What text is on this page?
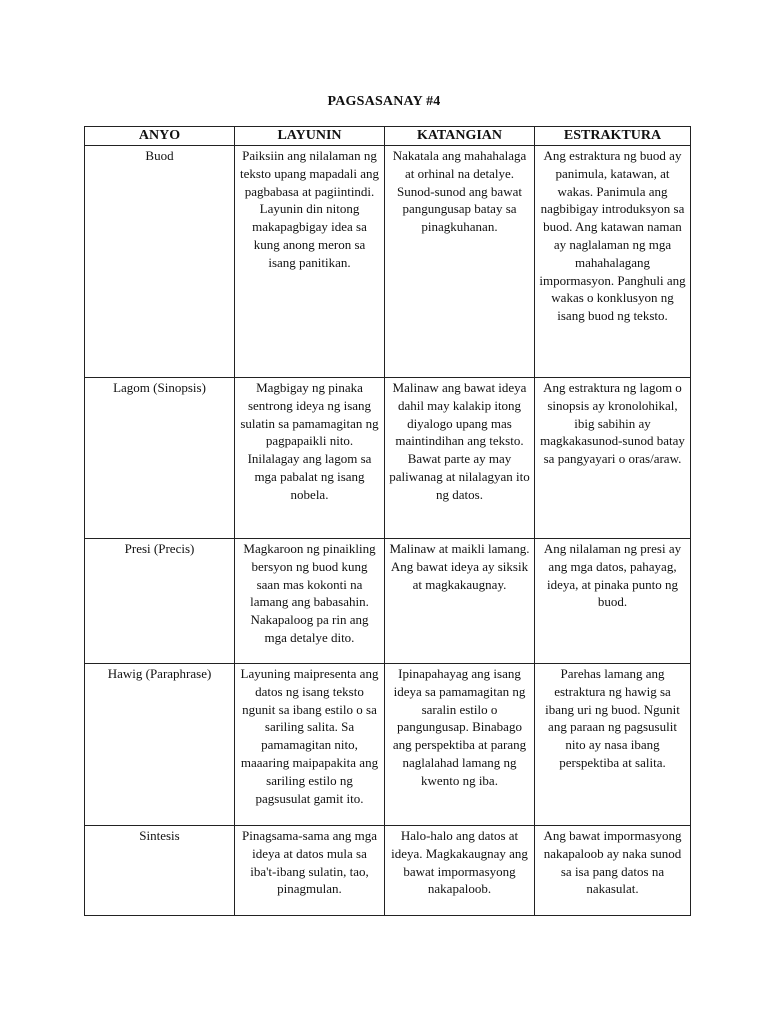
PAGSASANAY #4
ANYO	LAYUNIN	KATANGIAN	ESTRAKTURA

Buod	Paiksiin ang nilalaman ng teksto upang mapadali ang pagbabasa at pagiintindi. Layunin din nitong makapagbigay idea sa kung anong meron sa isang panitikan.	Nakatala ang mahahalaga at orhinal na detalye. Sunod-sunod ang bawat pangungusap batay sa pinagkuhanan.	Ang estraktura ng buod ay panimula, katawan, at wakas. Panimula ang nagbibigay introduksyon sa buod. Ang katawan naman ay naglalaman ng mga mahahalagang impormasyon. Panghuli ang wakas o konklusyon ng isang buod ng teksto.

Lagom (Sinopsis)	Magbigay ng pinaka sentrong ideya ng isang sulatin sa pamamagitan ng pagpapaikli nito. Inilalagay ang lagom sa mga pabalat ng isang nobela.	Malinaw ang bawat ideya dahil may kalakip itong diyalogo upang mas maintindihan ang teksto. Bawat parte ay may paliwanag at nilalagyan ito ng datos.	Ang estraktura ng lagom o sinopsis ay kronolohikal, ibig sabihin ay magkakasunod-sunod batay sa pangyayari o oras/araw.

Presi (Precis)	Magkaroon ng pinaikling bersyon ng buod kung saan mas kokonti na lamang ang babasahin. Nakapaloog pa rin ang mga detalye dito.	Malinaw at maikli lamang. Ang bawat ideya ay siksik at magkakaugnay.	Ang nilalaman ng presi ay ang mga datos, pahayag, ideya, at pinaka punto ng buod.

Hawig (Paraphrase)	Layuning maipresenta ang datos ng isang teksto ngunit sa ibang estilo o sa sariling salita. Sa pamamagitan nito, maaaring maipapakita ang sariling estilo ng pagsusulat gamit ito.	Ipinapahayag ang isang ideya sa pamamagitan ng saralin estilo o pangungusap. Binabago ang perspektiba at parang naglalahad lamang ng kwento ng iba.	Parehas lamang ang estraktura ng hawig sa ibang uri ng buod. Ngunit ang paraan ng pagsusulit nito ay nasa ibang perspektiba at salita.

Sintesis	Pinagsama-sama ang mga ideya at datos mula sa iba't-ibang sulatin, tao, pinagmulan.	Halo-halo ang datos at ideya. Magkakaugnay ang bawat impormasyong nakapaloob.	Ang bawat impormasyong nakapaloob ay naka sunod sa isa pang datos na nakasulat.
